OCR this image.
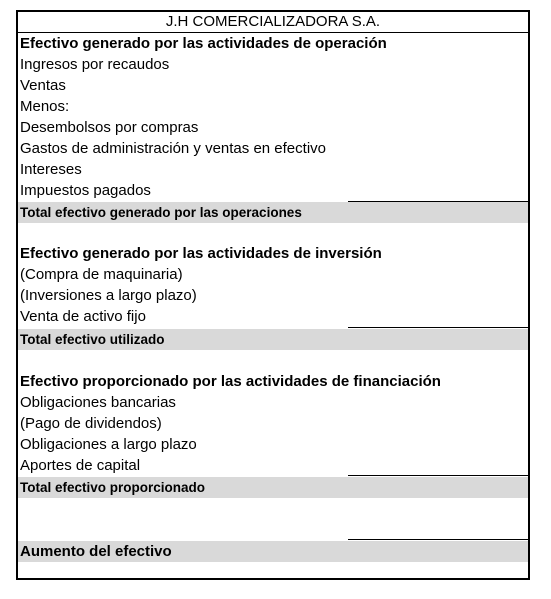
J.H COMERCIALIZADORA S.A.
Efectivo generado por las actividades de operación
Ingresos por recaudos
Ventas
Menos:
Desembolsos por compras
Gastos de administración y ventas en efectivo
Intereses
Impuestos pagados
Total efectivo generado por las operaciones
Efectivo generado por las actividades de inversión
(Compra de maquinaria)
(Inversiones a largo plazo)
Venta de activo fijo
Total efectivo utilizado
Efectivo proporcionado por las actividades de financiación
Obligaciones bancarias
(Pago de dividendos)
Obligaciones a largo plazo
Aportes de capital
Total efectivo proporcionado
Aumento del efectivo
